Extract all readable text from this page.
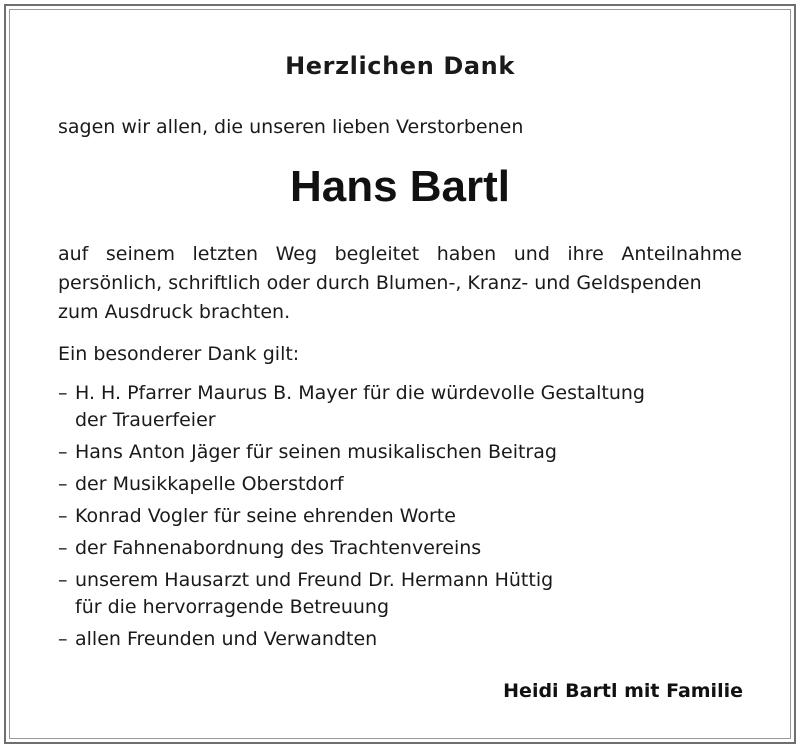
Herzlichen Dank
sagen wir allen, die unseren lieben Verstorbenen
Hans Bartl
auf seinem letzten Weg begleitet haben und ihre Anteilnahme
persönlich, schriftlich oder durch Blumen-, Kranz- und Geldspenden
zum Ausdruck brachten.
Ein besonderer Dank gilt:
– H. H. Pfarrer Maurus B. Mayer für die würdevolle Gestaltung
der Trauerfeier
– Hans Anton Jäger für seinen musikalischen Beitrag
– der Musikkapelle Oberstdorf
– Konrad Vogler für seine ehrenden Worte
– der Fahnenabordnung des Trachtenvereins
– unserem Hausarzt und Freund Dr. Hermann Hüttig
für die hervorragende Betreuung
– allen Freunden und Verwandten
Heidi Bartl mit Familie
